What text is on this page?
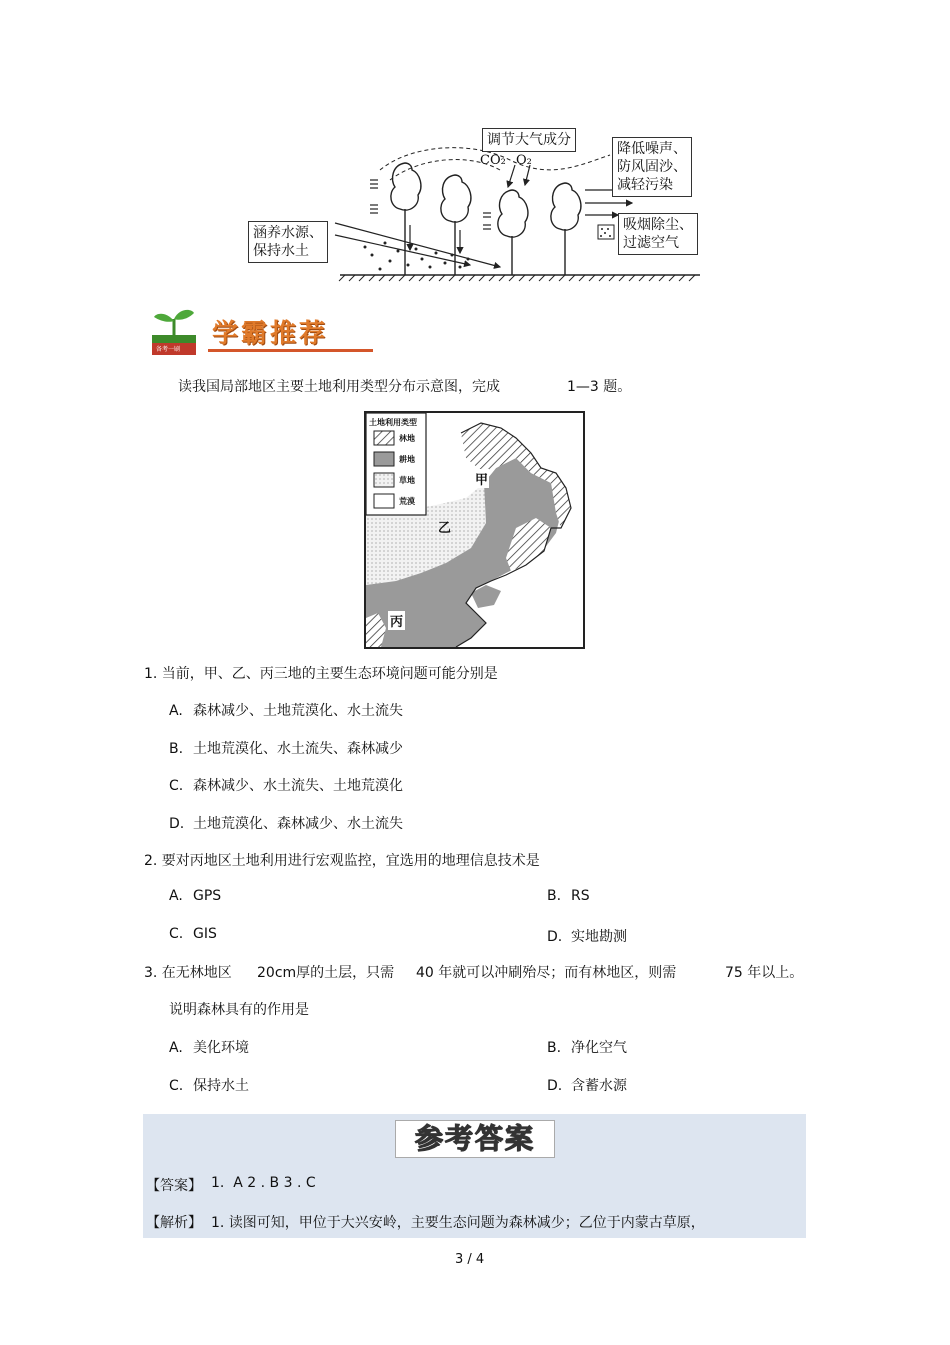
调节大气成分
CO₂ O₂
降低噪声、
防风固沙、
减轻污染
涵养水源、
保持水土
吸烟除尘、
过滤空气
备考一刷
学霸推荐
读我国局部地区主要土地利用类型分布示意图，完成	1—3 题。
土地利用类型
林地
耕地
草地
荒漠
甲
乙
丙
1. 当前，甲、乙、丙三地的主要生态环境问题可能分别是
A. 森林减少、土地荒漠化、水土流失
B. 土地荒漠化、水土流失、森林减少
C. 森林减少、水土流失、土地荒漠化
D. 土地荒漠化、森林减少、水土流失
2. 要对丙地区土地利用进行宏观监控，宜选用的地理信息技术是
A. GPS	B. RS
C. GIS	D. 实地勘测
3. 在无林地区 20cm厚的土层，只需 40 年就可以冲刷殆尽；而有林地区，则需	75 年以上。
说明森林具有的作用是
A. 美化环境	B. 净化空气
C. 保持水土	D. 含蓄水源
参考答案
【答案】 1.  A 2 . B 3 . C
【解析】 1. 读图可知，甲位于大兴安岭，主要生态问题为森林减少；乙位于内蒙古草原，
3 / 4
